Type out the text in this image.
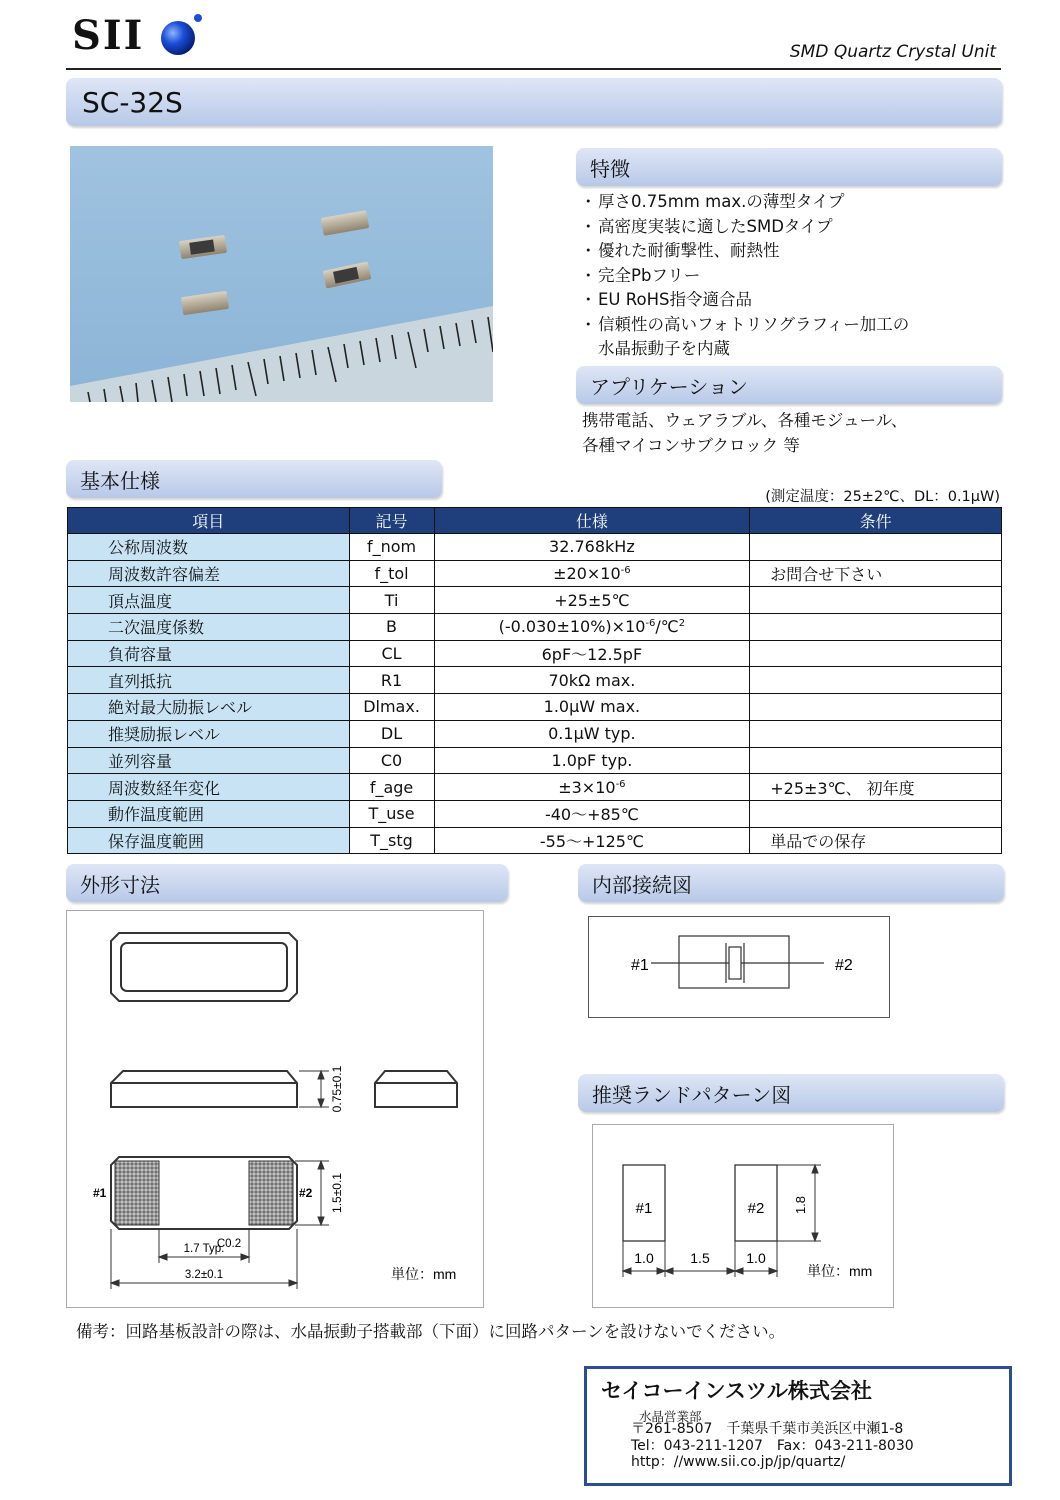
SII	SMD Quartz Crystal Unit
SC-32S
特徴
・ 厚さ0.75mm max.の薄型タイプ
・ 高密度実装に適したSMDタイプ
・ 優れた耐衝撃性、耐熱性
・ 完全Pbフリー
・ EU RoHS指令適合品
・ 信頼性の高いフォトリソグラフィー加工の
水晶振動子を内蔵
アプリケーション
携帯電話、ウェアラブル、各種モジュール、
各種マイコンサブクロック 等
基本仕様
(測定温度：25±2℃、DL：0.1μW)
項目	記号	仕様	条件
公称周波数	f_nom	32.768kHz	
周波数許容偏差	f_tol	$\pm 20\times 10^{-6}$	お問合せ下さい
頂点温度	Ti	+25±5℃	
二次温度係数	B	$(-0.030\pm 10\%)\times 10^{-6}/℃^2$	
負荷容量	CL	6pF～12.5pF	
直列抵抗	R1	70kΩ max.	
絶対最大励振レベル	Dlmax.	1.0μW max.	
推奨励振レベル	DL	0.1μW typ.	
並列容量	C0	1.0pF typ.	
周波数経年変化	f_age	$\pm 3\times 10^{-6}$	+25±3℃、 初年度
動作温度範囲	T_use	-40～+85℃	
保存温度範囲	T_stg	-55～+125℃	単品での保存
外形寸法
0.75±0.1
#1	#2 1.5±0.1
C0.2
1.7 Typ.
3.2±0.1	単位：mm
内部接続図
#1	#2
推奨ランドパターン図
#1	#2 1.8
1.0	1.5	1.0
単位：mm
備考：回路基板設計の際は、水晶振動子搭載部（下面）に回路パターンを設けないでください。
セイコーインスツル株式会社
水晶営業部
〒261-8507　千葉県千葉市美浜区中瀬1-8
Tel：043-211-1207　Fax：043-211-8030
http：//www.sii.co.jp/jp/quartz/
